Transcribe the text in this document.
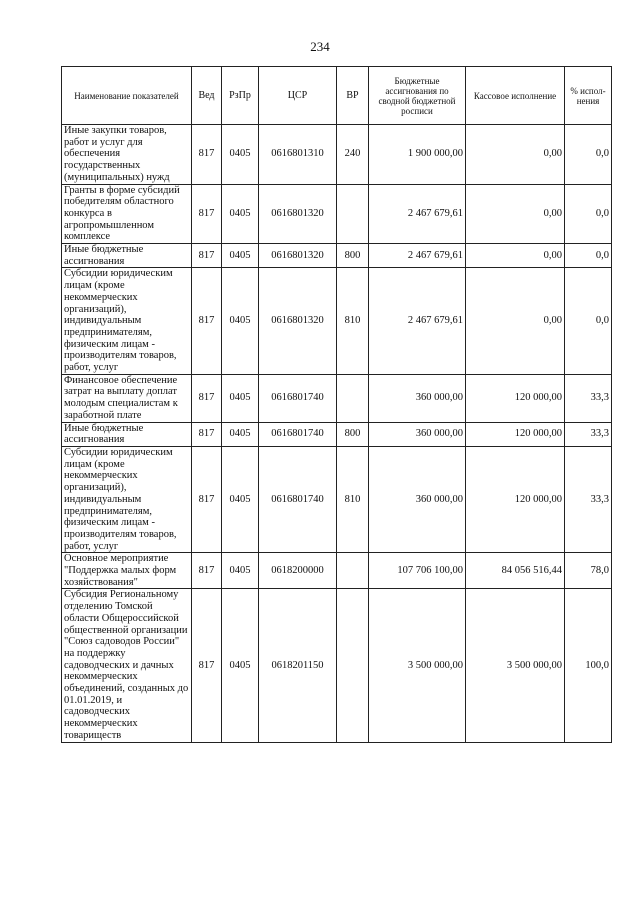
234
Наименование показателей	Вед	РзПр	ЦСР	ВР	Бюджетные ассигнования по сводной бюджетной росписи	Кассовое исполнение	% испол-нения
Иные закупки товаров, работ и услуг для обеспечения государственных (муниципальных) нужд	817	0405	0616801310	240	1 900 000,00	0,00	0,0
Гранты в форме субсидий победителям областного конкурса в агропромышленном комплексе	817	0405	0616801320		2 467 679,61	0,00	0,0
Иные бюджетные ассигнования	817	0405	0616801320	800	2 467 679,61	0,00	0,0
Субсидии юридическим лицам (кроме некоммерческих организаций), индивидуальным предпринимателям, физическим лицам - производителям товаров, работ, услуг	817	0405	0616801320	810	2 467 679,61	0,00	0,0
Финансовое обеспечение затрат на выплату доплат молодым специалистам к заработной плате	817	0405	0616801740		360 000,00	120 000,00	33,3
Иные бюджетные ассигнования	817	0405	0616801740	800	360 000,00	120 000,00	33,3
Субсидии юридическим лицам (кроме некоммерческих организаций), индивидуальным предпринимателям, физическим лицам - производителям товаров, работ, услуг	817	0405	0616801740	810	360 000,00	120 000,00	33,3
Основное мероприятие "Поддержка малых форм хозяйствования"	817	0405	0618200000		107 706 100,00	84 056 516,44	78,0
Субсидия Региональному отделению Томской области Общероссийской общественной организации "Союз садоводов России" на поддержку садоводческих и дачных некоммерческих объединений, созданных до 01.01.2019, и садоводческих некоммерческих товариществ	817	0405	0618201150		3 500 000,00	3 500 000,00	100,0
